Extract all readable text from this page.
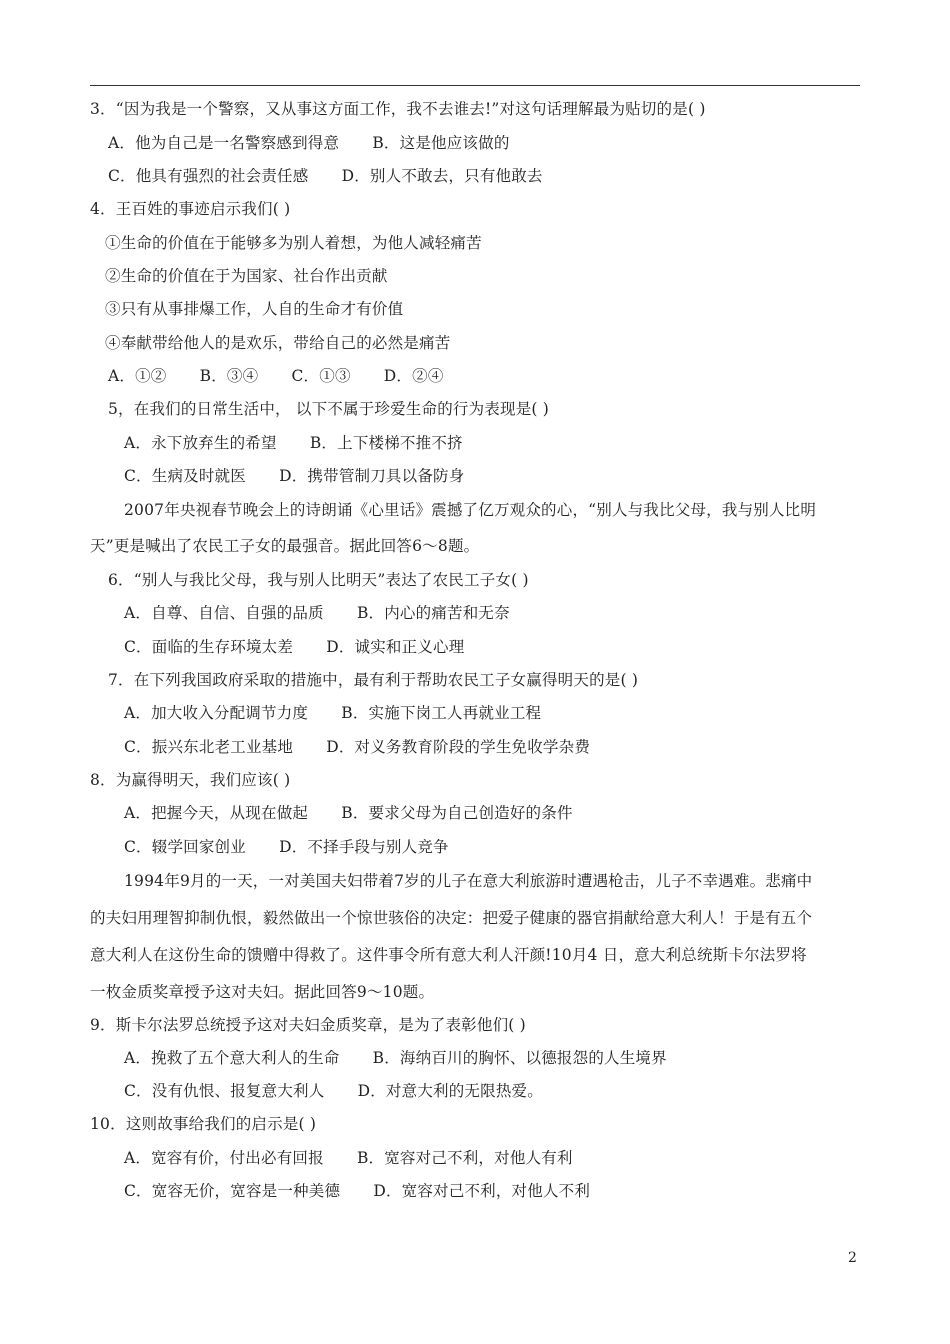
3．“因为我是一个警察，又从事这方面工作，我不去谁去!”对这句话理解最为贴切的是( )
A．他为自己是一名警察感到得意 B．这是他应该做的
C．他具有强烈的社会责任感 D．别人不敢去，只有他敢去
4．王百姓的事迹启示我们( )
①生命的价值在于能够多为别人着想，为他人减轻痛苦
②生命的价值在于为国家、社台作出贡献
③只有从事排爆工作，人自的生命才有价值
④奉献带给他人的是欢乐，带给自己的必然是痛苦
A．①② B．③④ C．①③ D．②④
5，在我们的日常生活中， 以下不属于珍爱生命的行为表现是( )
A．永下放弃生的希望 B．上下楼梯不推不挤
C．生病及时就医 D．携带管制刀具以备防身
2007年央视春节晚会上的诗朗诵《心里话》震撼了亿万观众的心，“别人与我比父母，我与别人比明
天”更是喊出了农民工子女的最强音。据此回答6～8题。
6．“别人与我比父母，我与别人比明天”表达了农民工子女( )
A．自尊、自信、自强的品质 B．内心的痛苦和无奈
C．面临的生存环境太差 D．诚实和正义心理
7．在下列我国政府采取的措施中，最有利于帮助农民工子女赢得明天的是( )
A．加大收入分配调节力度 B．实施下岗工人再就业工程
C．振兴东北老工业基地 D．对义务教育阶段的学生免收学杂费
8．为赢得明天，我们应该( )
A．把握今天，从现在做起 B．要求父母为自己创造好的条件
C．辍学回家创业 D．不择手段与别人竞争
1994年9月的一天，一对美国夫妇带着7岁的儿子在意大利旅游时遭遇枪击，儿子不幸遇难。悲痛中
的夫妇用理智抑制仇恨，毅然做出一个惊世骇俗的决定：把爱子健康的器官捐献给意大利人！于是有五个
意大利人在这份生命的馈赠中得救了。这件事令所有意大利人汗颜!10月4 日，意大利总统斯卡尔法罗将
一枚金质奖章授予这对夫妇。据此回答9～10题。
9．斯卡尔法罗总统授予这对夫妇金质奖章，是为了表彰他们( )
A．挽救了五个意大利人的生命 B．海纳百川的胸怀、以德报怨的人生境界
C．没有仇恨、报复意大利人 D．对意大利的无限热爱。
10．这则故事给我们的启示是( )
A．宽容有价，付出必有回报 B．宽容对己不利，对他人有利
C．宽容无价，宽容是一种美德 D．宽容对己不利，对他人不利
2
